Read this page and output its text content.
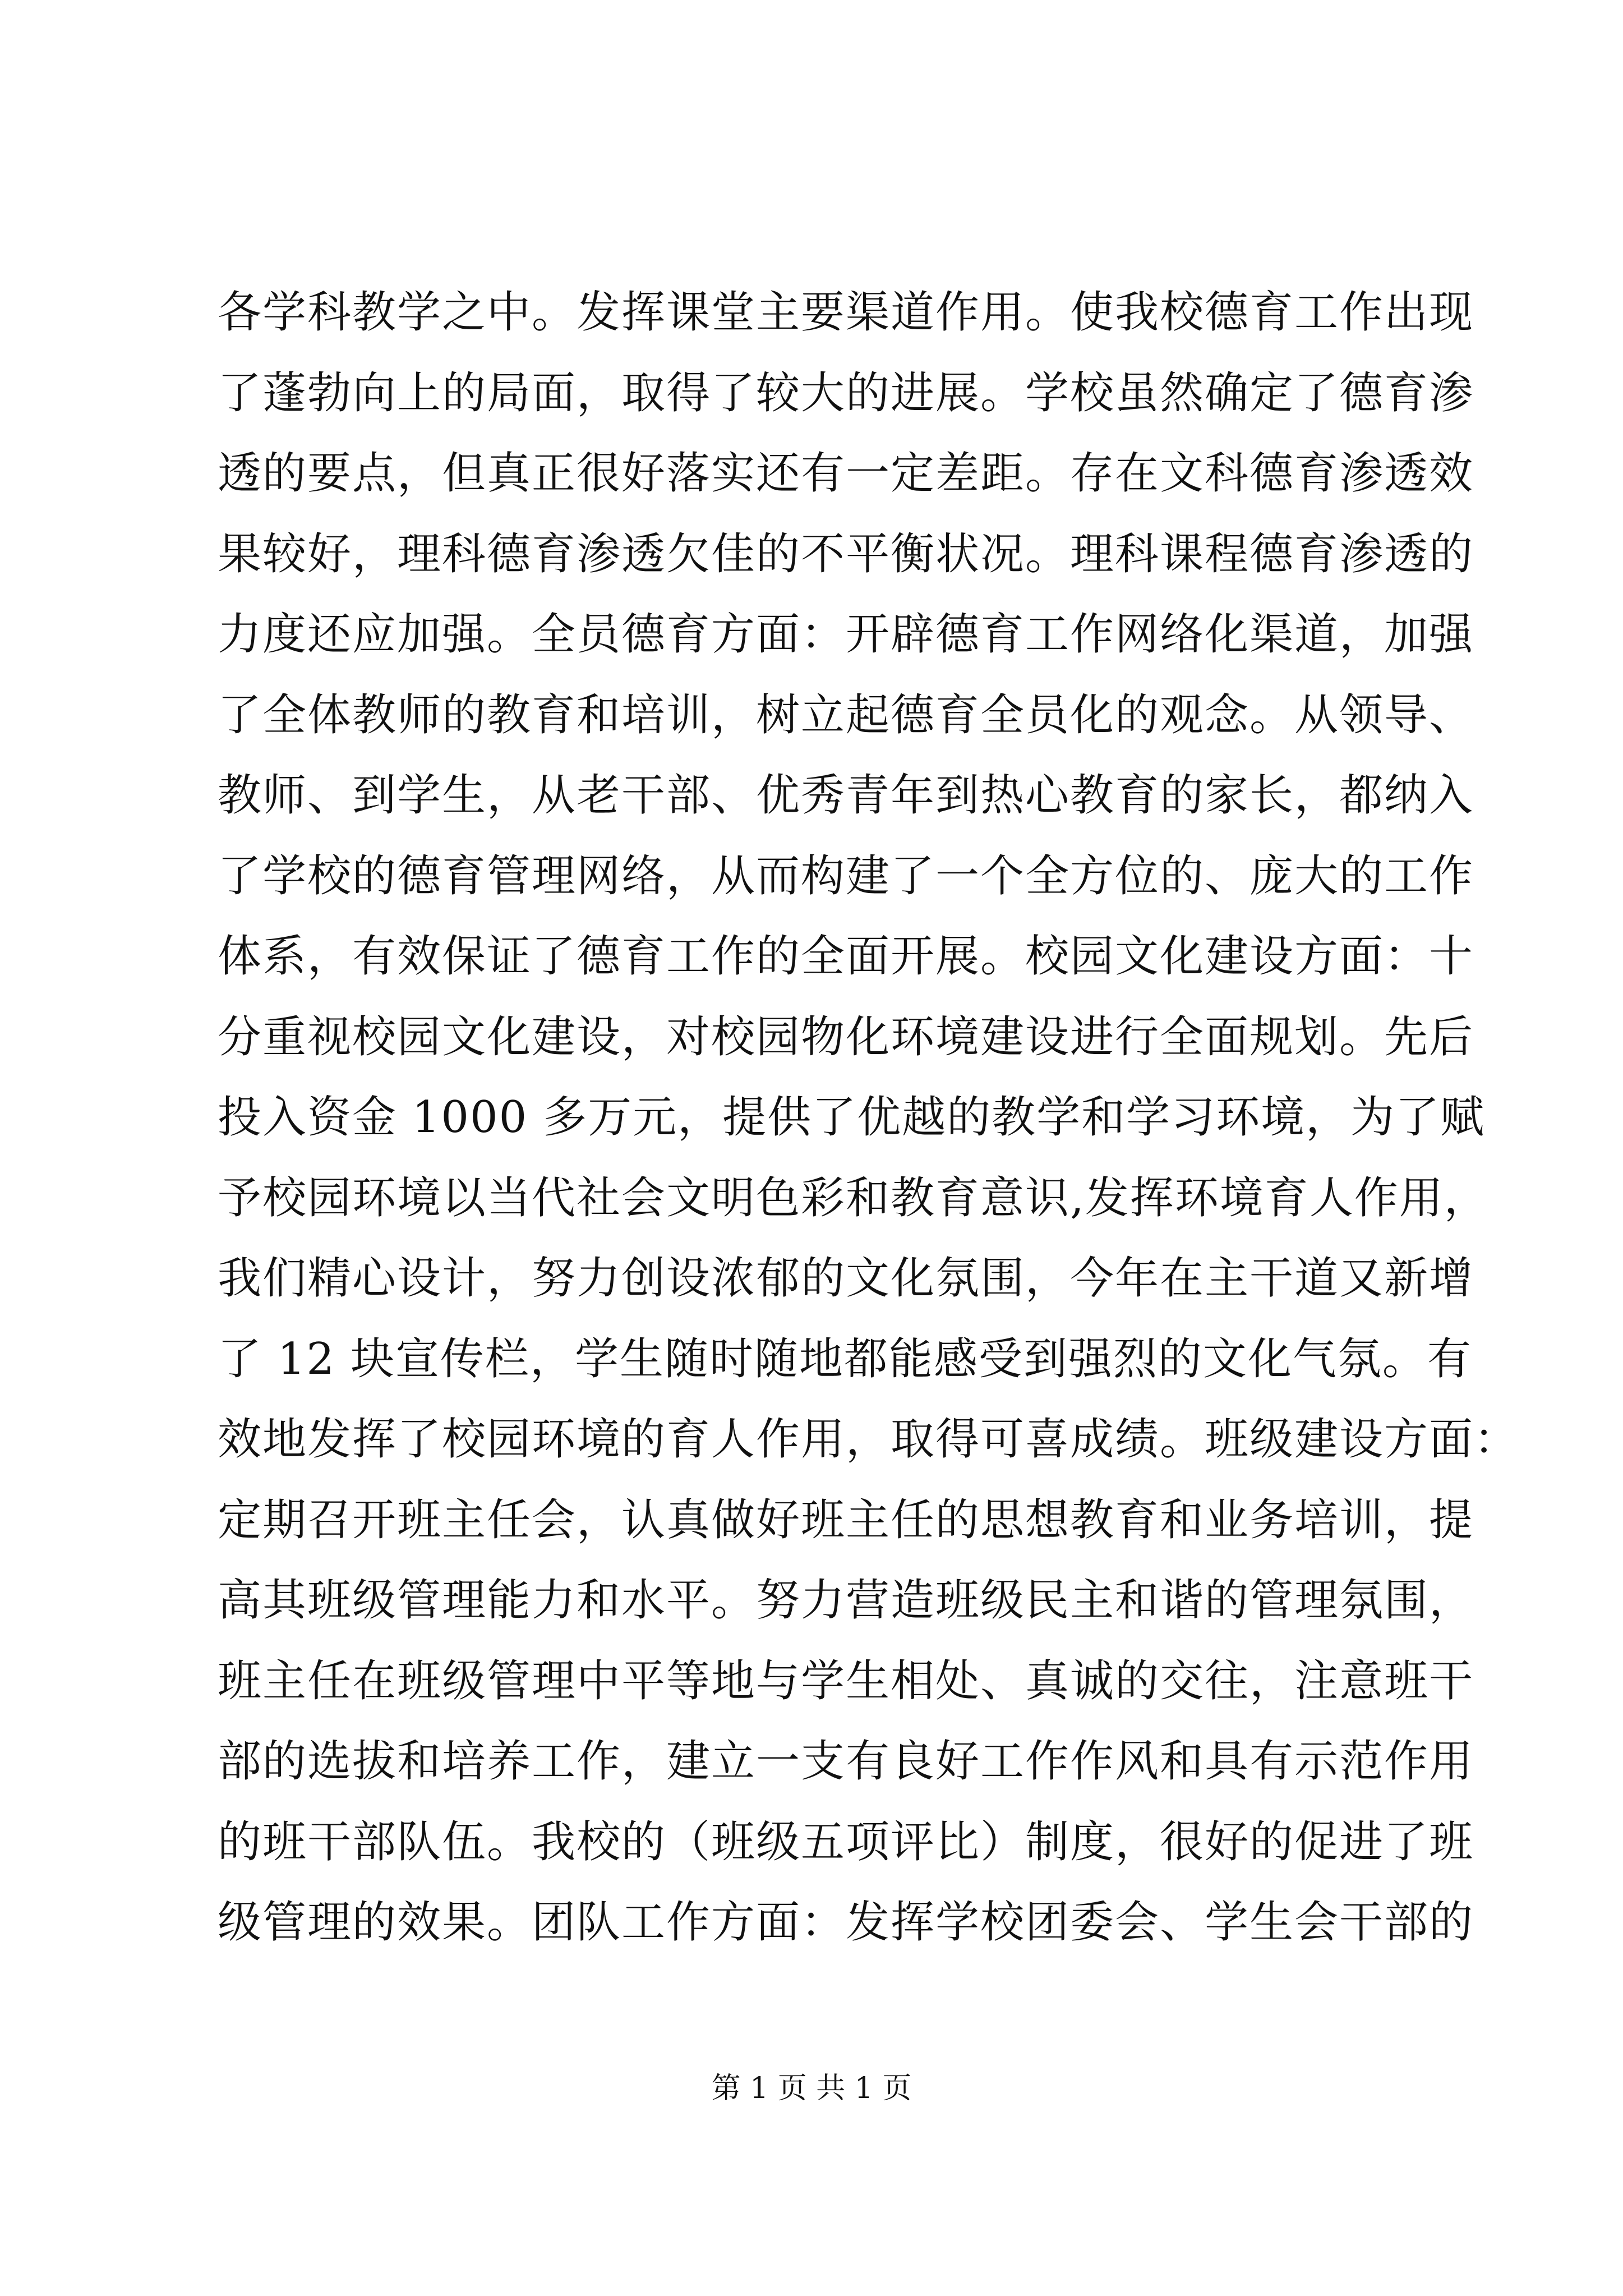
各学科教学之中。发挥课堂主要渠道作用。使我校德育工作出现
了蓬勃向上的局面，取得了较大的进展。学校虽然确定了德育渗
透的要点，但真正很好落实还有一定差距。存在文科德育渗透效
果较好，理科德育渗透欠佳的不平衡状况。理科课程德育渗透的
力度还应加强。全员德育方面：开辟德育工作网络化渠道，加强
了全体教师的教育和培训，树立起德育全员化的观念。从领导、
教师、到学生，从老干部、优秀青年到热心教育的家长，都纳入
了学校的德育管理网络，从而构建了一个全方位的、庞大的工作
体系，有效保证了德育工作的全面开展。校园文化建设方面：十
分重视校园文化建设，对校园物化环境建设进行全面规划。先后
投入资金 1000 多万元，提供了优越的教学和学习环境，为了赋
予校园环境以当代社会文明色彩和教育意识,发挥环境育人作用，
我们精心设计，努力创设浓郁的文化氛围，今年在主干道又新增
了 12 块宣传栏，学生随时随地都能感受到强烈的文化气氛。有
效地发挥了校园环境的育人作用，取得可喜成绩。班级建设方面：
定期召开班主任会，认真做好班主任的思想教育和业务培训，提
高其班级管理能力和水平。努力营造班级民主和谐的管理氛围，
班主任在班级管理中平等地与学生相处、真诚的交往，注意班干
部的选拔和培养工作，建立一支有良好工作作风和具有示范作用
的班干部队伍。我校的（班级五项评比）制度，很好的促进了班
级管理的效果。团队工作方面：发挥学校团委会、学生会干部的
第 1 页 共 1 页
